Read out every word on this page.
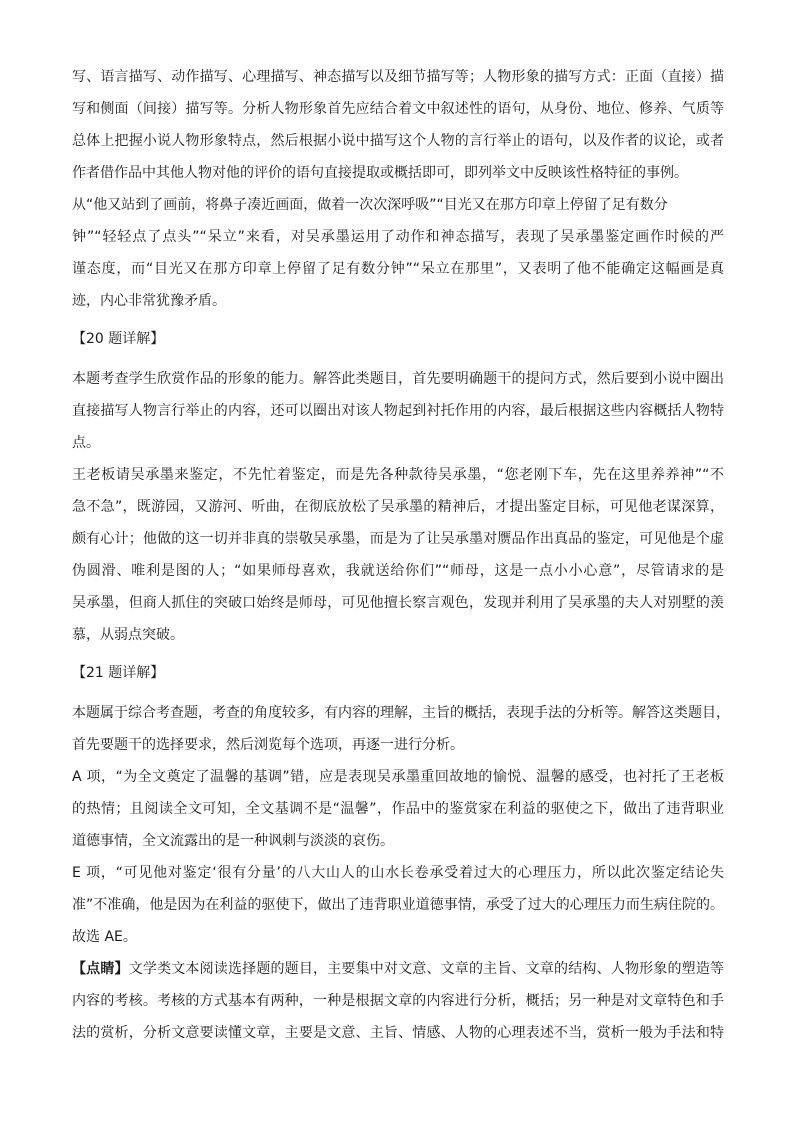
写、语言描写、动作描写、心理描写、神态描写以及细节描写等；人物形象的描写方式：正面（直接）描
写和侧面（间接）描写等。分析人物形象首先应结合着文中叙述性的语句，从身份、地位、修养、气质等
总体上把握小说人物形象特点，然后根据小说中描写这个人物的言行举止的语句，以及作者的议论，或者
作者借作品中其他人物对他的评价的语句直接提取或概括即可，即列举文中反映该性格特征的事例。
从“他又站到了画前，将鼻子凑近画面，做着一次次深呼吸”“目光又在那方印章上停留了足有数分
钟”“轻轻点了点头”“呆立”来看，对吴承墨运用了动作和神态描写，表现了吴承墨鉴定画作时候的严
谨态度，而“目光又在那方印章上停留了足有数分钟”“呆立在那里”，又表明了他不能确定这幅画是真
迹，内心非常犹豫矛盾。
【20 题详解】
本题考查学生欣赏作品的形象的能力。解答此类题目，首先要明确题干的提问方式，然后要到小说中圈出
直接描写人物言行举止的内容，还可以圈出对该人物起到衬托作用的内容，最后根据这些内容概括人物特
点。
王老板请吴承墨来鉴定，不先忙着鉴定，而是先各种款待吴承墨，“您老刚下车，先在这里养养神”“不
急不急”，既游园，又游河、听曲，在彻底放松了吴承墨的精神后，才提出鉴定目标，可见他老谋深算，
颇有心计；他做的这一切并非真的崇敬吴承墨，而是为了让吴承墨对赝品作出真品的鉴定，可见他是个虚
伪圆滑、唯利是图的人；“如果师母喜欢，我就送给你们”“师母，这是一点小小心意”，尽管请求的是
吴承墨，但商人抓住的突破口始终是师母，可见他擅长察言观色，发现并利用了吴承墨的夫人对别墅的羡
慕，从弱点突破。
【21 题详解】
本题属于综合考查题，考查的角度较多，有内容的理解，主旨的概括，表现手法的分析等。解答这类题目，
首先要题干的选择要求，然后浏览每个选项，再逐一进行分析。
A 项，“为全文奠定了温馨的基调”错，应是表现吴承墨重回故地的愉悦、温馨的感受，也衬托了王老板
的热情；且阅读全文可知，全文基调不是“温馨”，作品中的鉴赏家在利益的驱使之下，做出了违背职业
道德事情，全文流露出的是一种讽刺与淡淡的哀伤。
E 项，“可见他对鉴定‘很有分量’的八大山人的山水长卷承受着过大的心理压力，所以此次鉴定结论失
准”不准确，他是因为在利益的驱使下，做出了违背职业道德事情，承受了过大的心理压力而生病住院的。
故选 AE。
【点睛】文学类文本阅读选择题的题目，主要集中对文意、文章的主旨、文章的结构、人物形象的塑造等
内容的考核。考核的方式基本有两种，一种是根据文章的内容进行分析，概括；另一种是对文章特色和手
法的赏析，分析文意要读懂文章，主要是文意、主旨、情感、人物的心理表述不当，赏析一般为手法和特
